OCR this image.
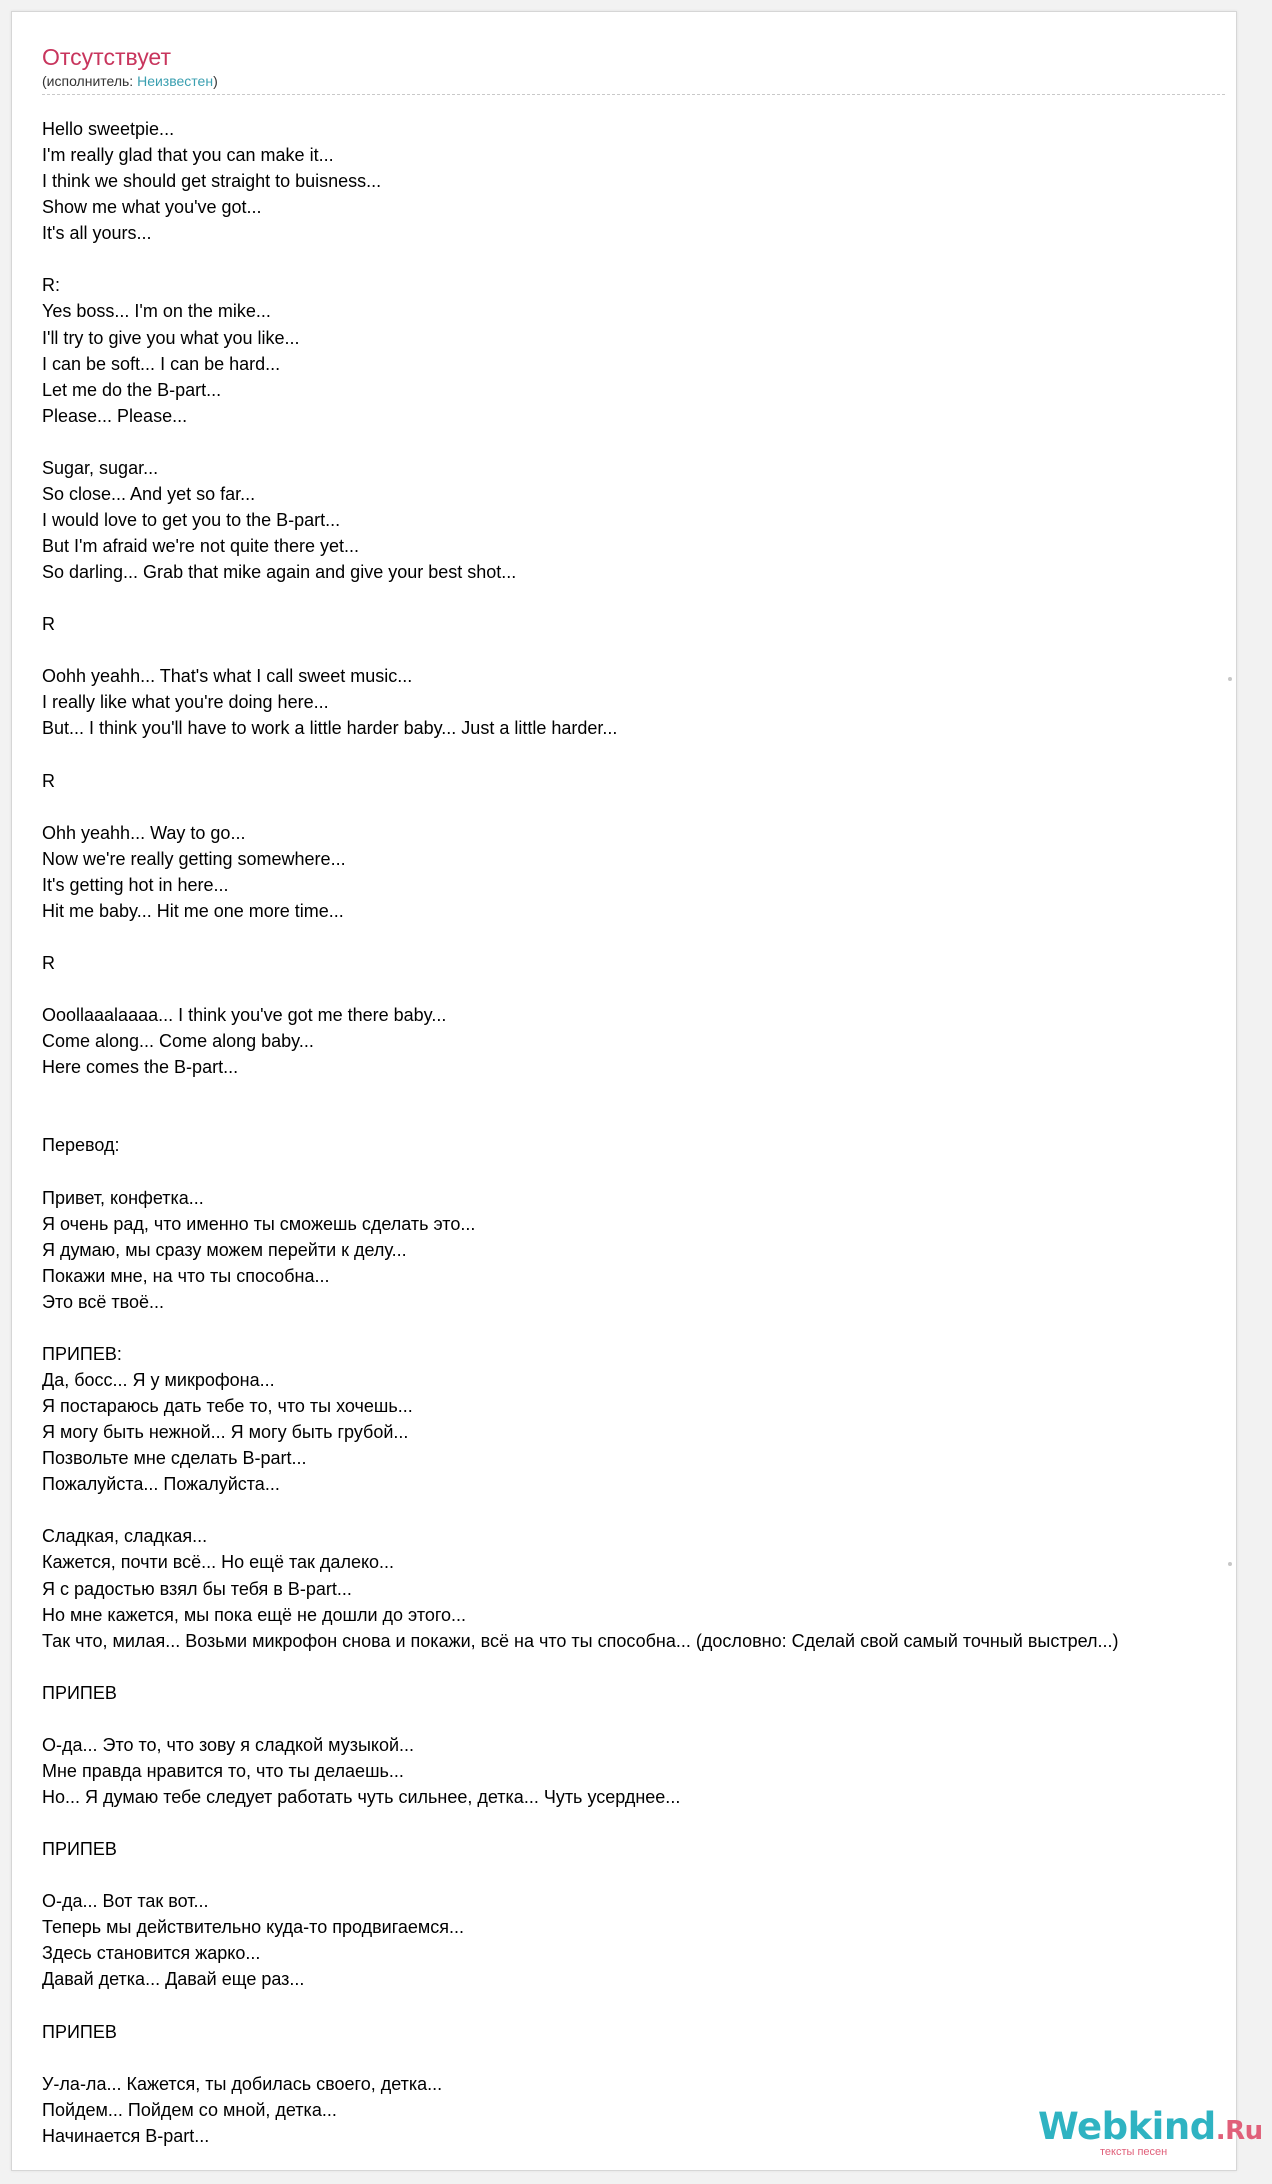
Отсутствует
(исполнитель: Неизвестен)
Hello sweetpie...
I'm really glad that you can make it...
I think we should get straight to buisness...
Show me what you've got...
It's all yours...
R:
Yes boss... I'm on the mike...
I'll try to give you what you like...
I can be soft... I can be hard...
Let me do the B-part...
Please... Please...
Sugar, sugar...
So close... And yet so far...
I would love to get you to the B-part...
But I'm afraid we're not quite there yet...
So darling... Grab that mike again and give your best shot...
R
Oohh yeahh... That's what I call sweet music...
I really like what you're doing here...
But... I think you'll have to work a little harder baby... Just a little harder...
R
Ohh yeahh... Way to go...
Now we're really getting somewhere...
It's getting hot in here...
Hit me baby... Hit me one more time...
R
Ooollaaalaaaa... I think you've got me there baby...
Come along... Come along baby...
Here comes the B-part...
Перевод:
Привет, конфетка...
Я очень рад, что именно ты сможешь сделать это...
Я думаю, мы сразу можем перейти к делу...
Покажи мне, на что ты способна...
Это всё твоё...
ПРИПЕВ:
Да, босс... Я у микрофона...
Я постараюсь дать тебе то, что ты хочешь...
Я могу быть нежной... Я могу быть грубой...
Позвольте мне сделать B-part...
Пожалуйста... Пожалуйста...
Сладкая, сладкая...
Кажется, почти всё... Но ещё так далеко...
Я с радостью взял бы тебя в B-part...
Но мне кажется, мы пока ещё не дошли до этого...
Так что, милая... Возьми микрофон снова и покажи, всё на что ты способна... (дословно: Сделай свой самый точный выстрел...)
ПРИПЕВ
О-да... Это то, что зову я сладкой музыкой...
Мне правда нравится то, что ты делаешь...
Но... Я думаю тебе следует работать чуть сильнее, детка... Чуть усерднее...
ПРИПЕВ
О-да... Вот так вот...
Теперь мы действительно куда-то продвигаемся...
Здесь становится жарко...
Давай детка... Давай еще раз...
ПРИПЕВ
У-ла-ла... Кажется, ты добилась своего, детка...
Пойдем... Пойдем со мной, детка...
Начинается B-part...	Webkind.Ru
тексты песен
